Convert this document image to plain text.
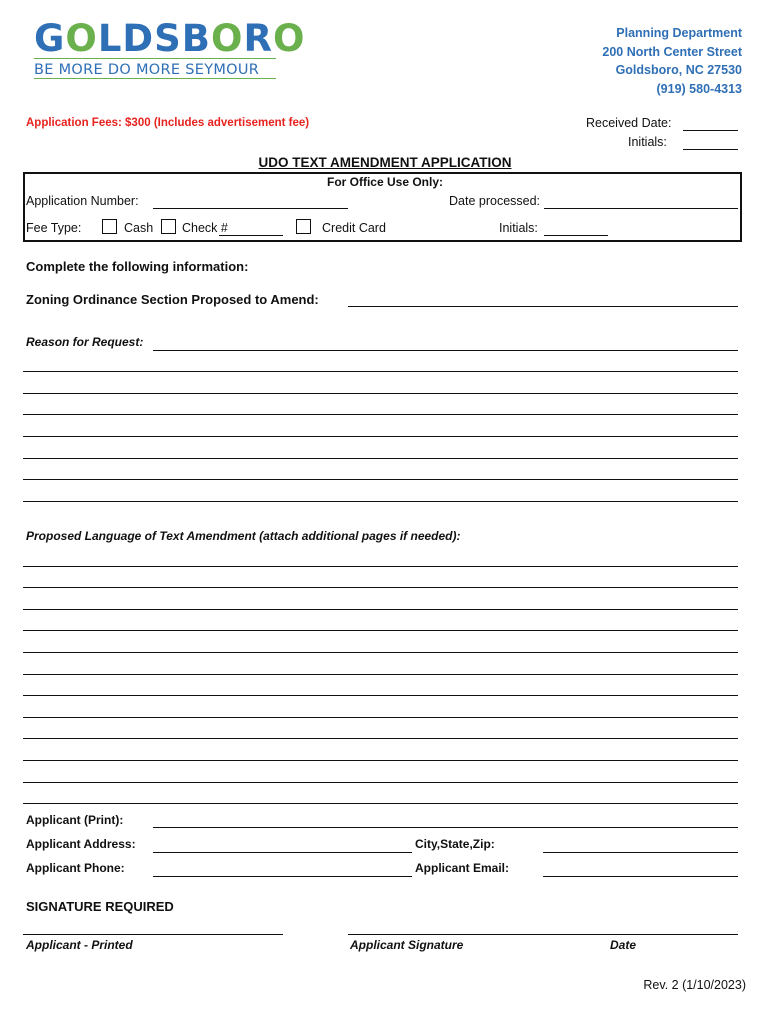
GOLDSBORO
BE MORE DO MORE SEYMOUR
Planning Department
200 North Center Street
Goldsboro, NC 27530
(919) 580-4313
Application Fees: $300 (Includes advertisement fee)	Received Date:
Initials:
UDO TEXT AMENDMENT APPLICATION
For Office Use Only:
Application Number:	Date processed:
Fee Type:	Cash Check #	Credit Card	Initials:
Complete the following information:
Zoning Ordinance Section Proposed to Amend:
Reason for Request:
Proposed Language of Text Amendment (attach additional pages if needed):
Applicant (Print):
Applicant Address:	City,State,Zip:
Applicant Phone:	Applicant Email:
SIGNATURE REQUIRED
Applicant - Printed	Applicant Signature	Date
Rev. 2 (1/10/2023)
